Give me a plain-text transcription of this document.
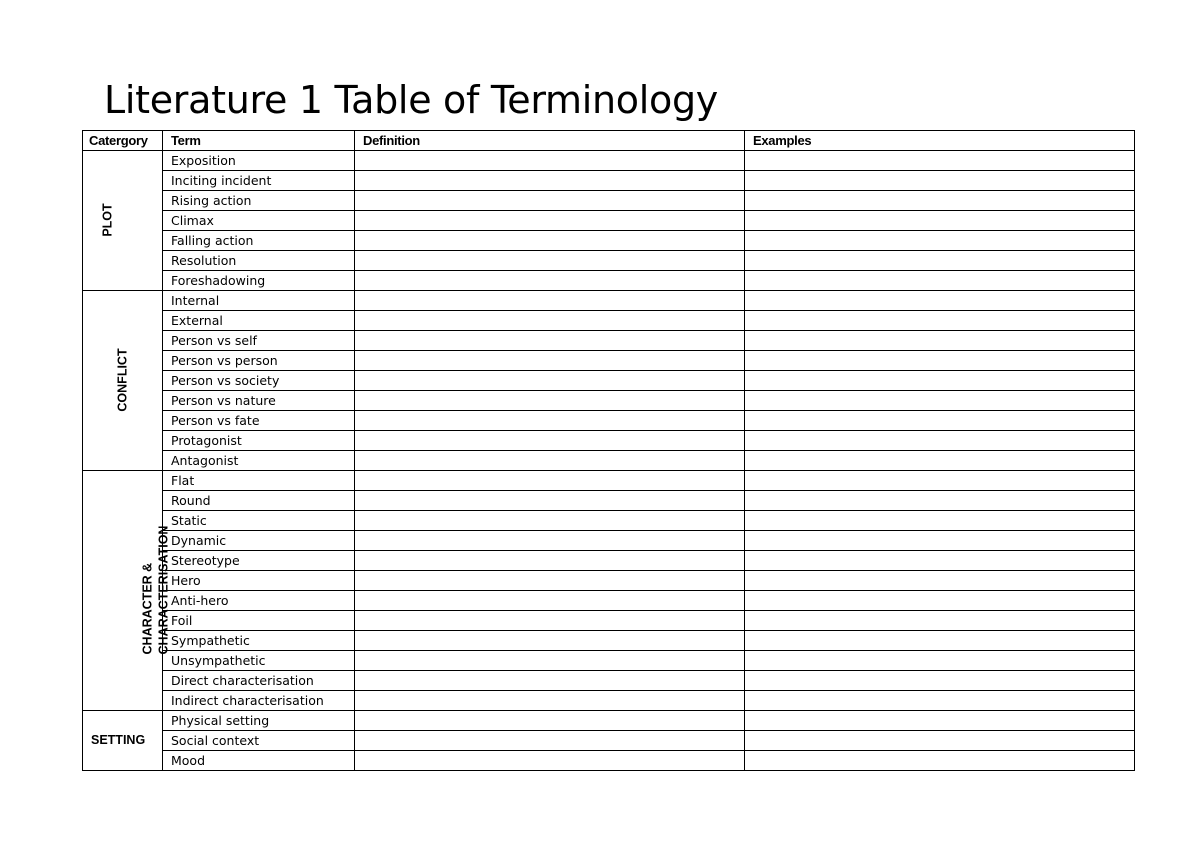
Literature 1 Table of Terminology
Catergory	Term	Definition	Examples

PLOT	Exposition		
	Inciting incident		
	Rising action		
	Climax		
	Falling action		
	Resolution		
	Foreshadowing		

CONFLICT	Internal		
	External		
	Person vs self		
	Person vs person		
	Person vs society		
	Person vs nature		
	Person vs fate		
	Protagonist		
	Antagonist		

CHARACTER & CHARACTERISATION	Flat		
	Round		
	Static		
	Dynamic		
	Stereotype		
	Hero		
	Anti-hero		
	Foil		
	Sympathetic		
	Unsympathetic		
	Direct characterisation		
	Indirect characterisation		
SETTING	Physical setting		
	Social context		
	Mood		
